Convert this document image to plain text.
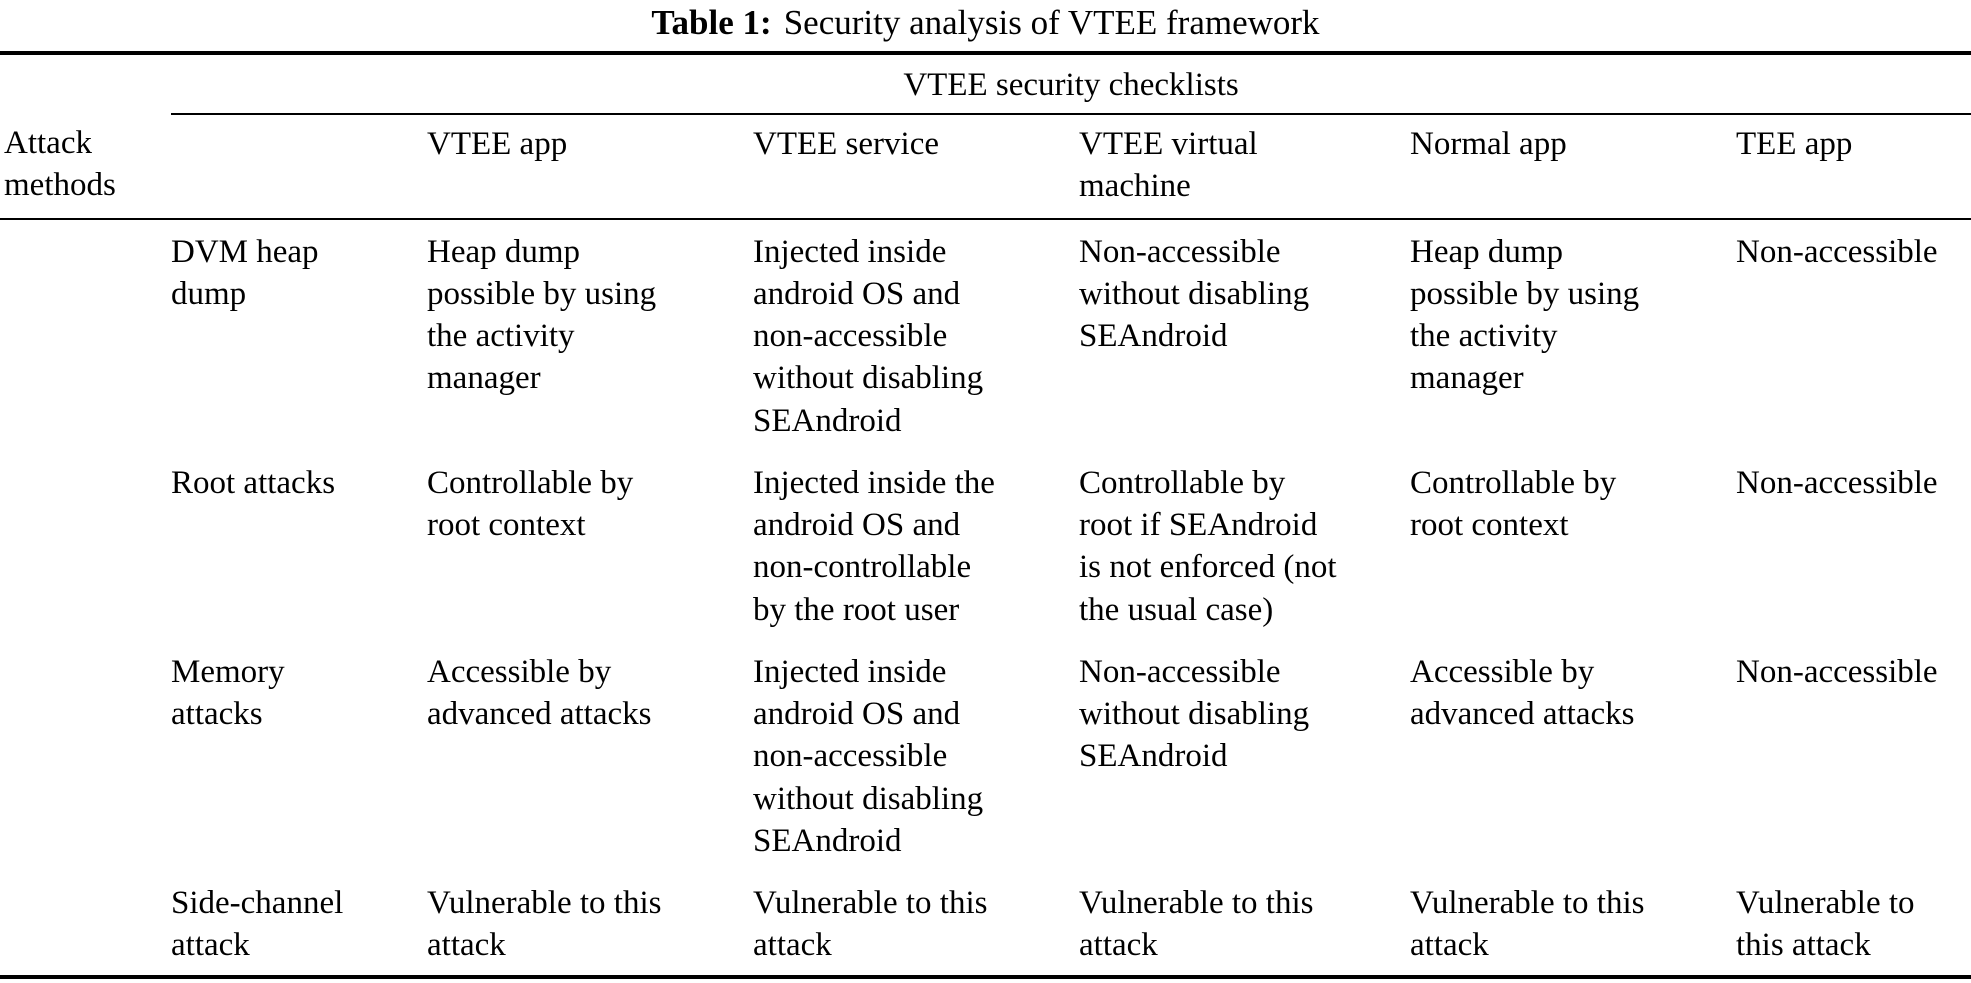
Table 1: Security analysis of VTEE framework
	VTEE security checklists					
Attack methods		VTEE app	VTEE service	VTEE virtual machine	Normal app	TEE app
	DVM heap dump	Heap dump possible by using the activity manager	Injected inside android OS and non-accessible without disabling SEAndroid	Non-accessible without disabling SEAndroid	Heap dump possible by using the activity manager	Non-accessible
	Root attacks	Controllable by root context	Injected inside the android OS and non-controllable by the root user	Controllable by root if SEAndroid is not enforced (not the usual case)	Controllable by root context	Non-accessible
	Memory attacks	Accessible by advanced attacks	Injected inside android OS and non-accessible without disabling SEAndroid	Non-accessible without disabling SEAndroid	Accessible by advanced attacks	Non-accessible
	Side-channel attack	Vulnerable to this attack	Vulnerable to this attack	Vulnerable to this attack	Vulnerable to this attack	Vulnerable to this attack
